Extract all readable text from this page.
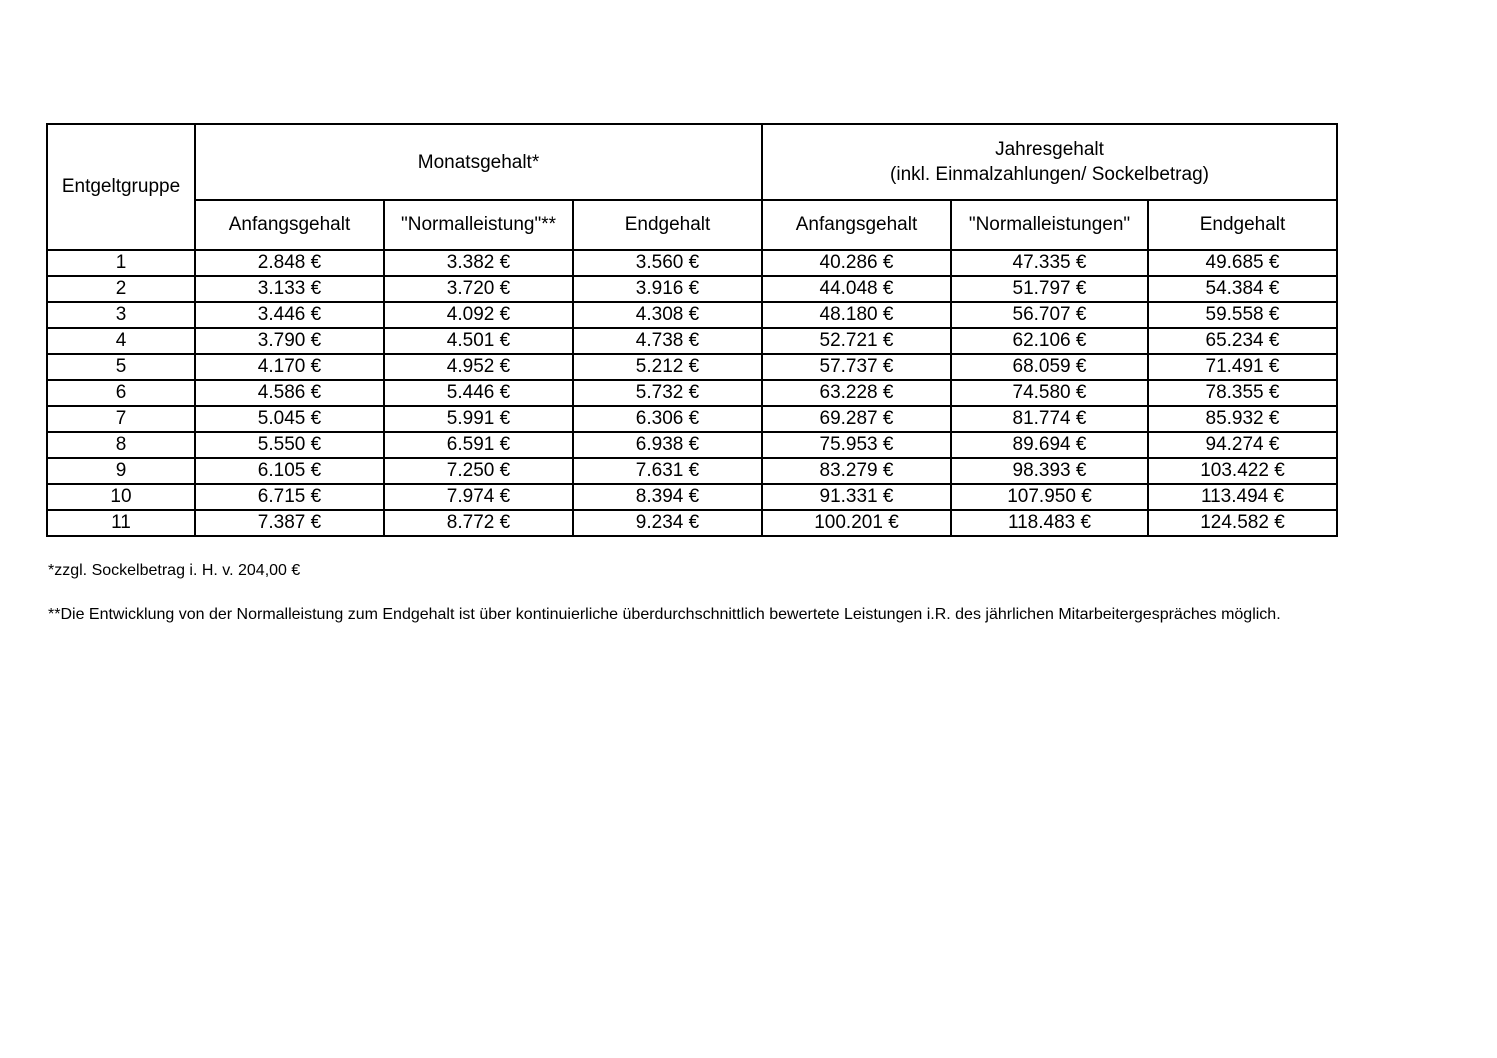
Entgeltgruppe	Monatsgehalt*			Jahresgehalt
(inkl. Einmalzahlungen/ Sockelbetrag)		

	Anfangsgehalt	"Normalleistung"**	Endgehalt	Anfangsgehalt	"Normalleistungen"	Endgehalt
1	2.848 €	3.382 €	3.560 €	40.286 €	47.335 €	49.685 €
2	3.133 €	3.720 €	3.916 €	44.048 €	51.797 €	54.384 €
3	3.446 €	4.092 €	4.308 €	48.180 €	56.707 €	59.558 €
4	3.790 €	4.501 €	4.738 €	52.721 €	62.106 €	65.234 €
5	4.170 €	4.952 €	5.212 €	57.737 €	68.059 €	71.491 €
6	4.586 €	5.446 €	5.732 €	63.228 €	74.580 €	78.355 €
7	5.045 €	5.991 €	6.306 €	69.287 €	81.774 €	85.932 €
8	5.550 €	6.591 €	6.938 €	75.953 €	89.694 €	94.274 €
9	6.105 €	7.250 €	7.631 €	83.279 €	98.393 €	103.422 €
10	6.715 €	7.974 €	8.394 €	91.331 €	107.950 €	113.494 €
11	7.387 €	8.772 €	9.234 €	100.201 €	118.483 €	124.582 €
*zzgl. Sockelbetrag i. H. v. 204,00 €
**Die Entwicklung von der Normalleistung zum Endgehalt ist über kontinuierliche überdurchschnittlich bewertete Leistungen i.R. des jährlichen Mitarbeitergespräches möglich.
